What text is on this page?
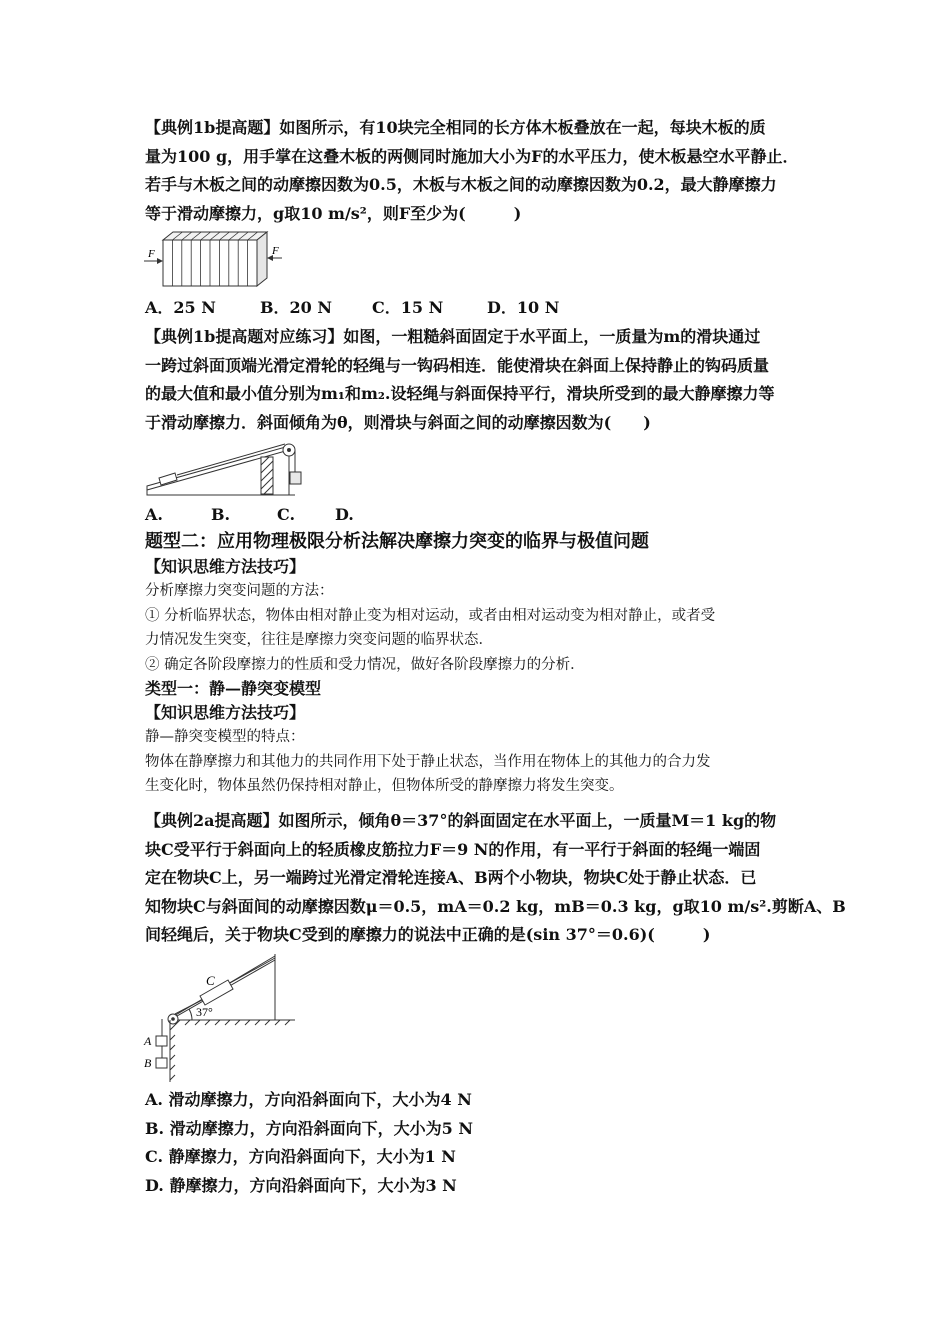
【典例1b提高题】如图所示，有10块完全相同的长方体木板叠放在一起，每块木板的质
量为100 g，用手掌在这叠木板的两侧同时施加大小为F的水平压力，使木板悬空水平静止．
若手与木板之间的动摩擦因数为0.5，木板与木板之间的动摩擦因数为0.2，最大静摩擦力
等于滑动摩擦力，g取10 m/s²，则F至少为(　　　)

F	F
A．25 N	B．20 N	C．15 N	D．10 N

【典例1b提高题对应练习】如图，一粗糙斜面固定于水平面上，一质量为m的滑块通过
一跨过斜面顶端光滑定滑轮的轻绳与一钩码相连．能使滑块在斜面上保持静止的钩码质量
的最大值和最小值分别为m₁和m₂.设轻绳与斜面保持平行，滑块所受到的最大静摩擦力等
于滑动摩擦力．斜面倾角为θ，则滑块与斜面之间的动摩擦因数为(　　)

A.	B.	C. D.

题型二：应用物理极限分析法解决摩擦力突变的临界与极值问题

【知识思维方法技巧】

分析摩擦力突变问题的方法：
① 分析临界状态，物体由相对静止变为相对运动，或者由相对运动变为相对静止，或者受
力情况发生突变，往往是摩擦力突变问题的临界状态．
② 确定各阶段摩擦力的性质和受力情况，做好各阶段摩擦力的分析．

类型一：静—静突变模型

【知识思维方法技巧】

静—静突变模型的特点：
物体在静摩擦力和其他力的共同作用下处于静止状态，当作用在物体上的其他力的合力发
生变化时，物体虽然仍保持相对静止，但物体所受的静摩擦力将发生突变。

【典例2a提高题】如图所示，倾角θ＝37°的斜面固定在水平面上，一质量M＝1 kg的物
块C受平行于斜面向上的轻质橡皮筋拉力F＝9 N的作用，有一平行于斜面的轻绳一端固
定在物块C上，另一端跨过光滑定滑轮连接A、B两个小物块，物块C处于静止状态．已
知物块C与斜面间的动摩擦因数μ＝0.5，mA＝0.2 kg，mB＝0.3 kg，g取10 m/s².剪断A、B
间轻绳后，关于物块C受到的摩擦力的说法中正确的是(sin 37°＝0.6)(　　　)

C
37°
A
B

A. 滑动摩擦力，方向沿斜面向下，大小为4 N

B. 滑动摩擦力，方向沿斜面向下，大小为5 N

C. 静摩擦力，方向沿斜面向下，大小为1 N

D. 静摩擦力，方向沿斜面向下，大小为3 N
